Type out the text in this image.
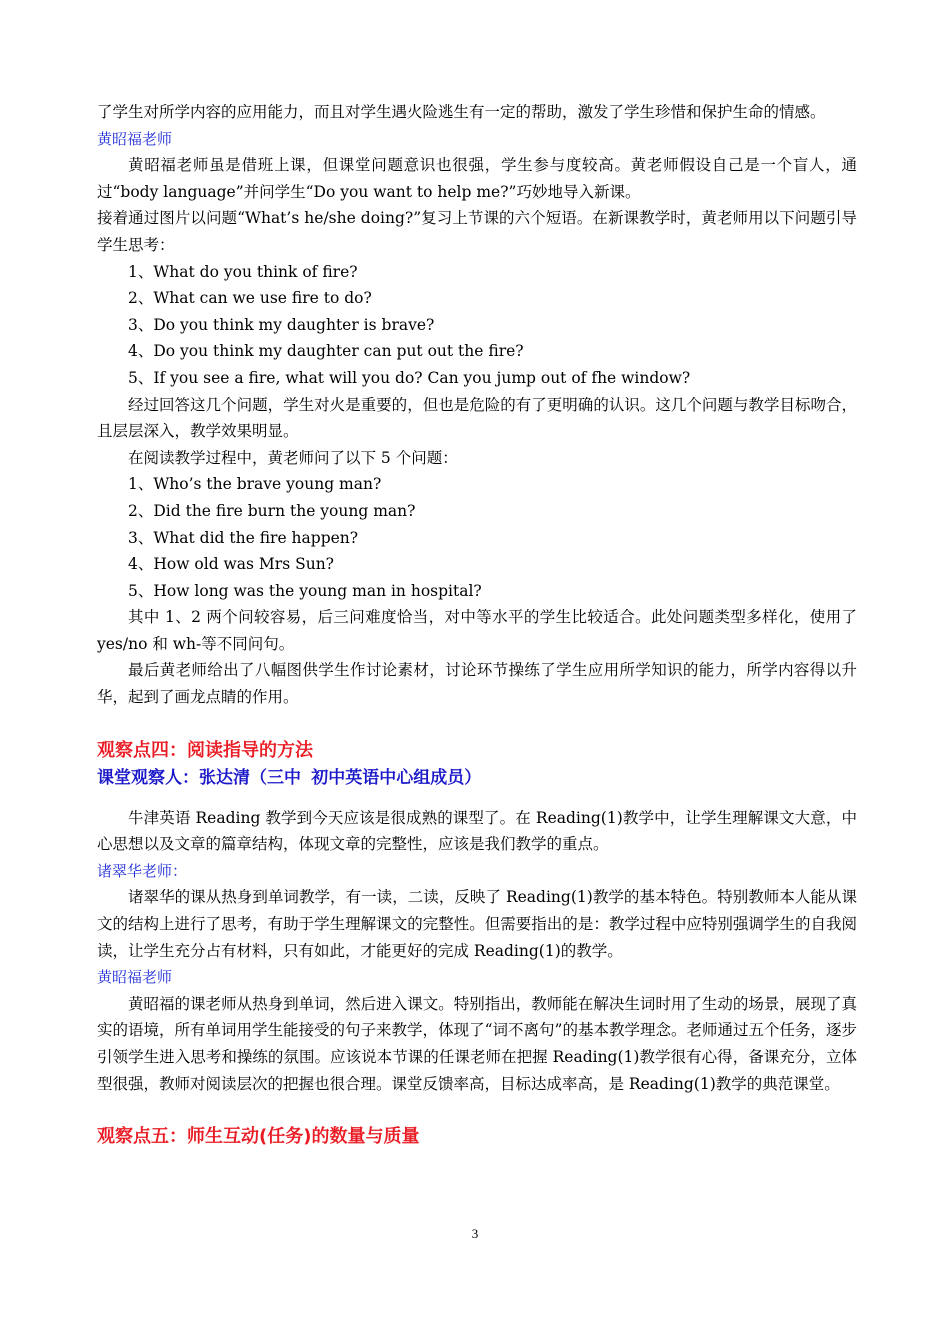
了学生对所学内容的应用能力，而且对学生遇火险逃生有一定的帮助，激发了学生珍惜和保护生命的情感。

黄昭福老师

黄昭福老师虽是借班上课，但课堂问题意识也很强，学生参与度较高。黄老师假设自己是一个盲人，通过“body language”并问学生“Do you want to help me?”巧妙地导入新课。

接着通过图片以问题“What’s he/she doing?”复习上节课的六个短语。在新课教学时，黄老师用以下问题引导学生思考：

1、What do you think of fire?

2、What can we use fire to do?

3、Do you think my daughter is brave?

4、Do you think my daughter can put out the fire?

5、If you see a fire, what will you do? Can you jump out of fhe window?

经过回答这几个问题，学生对火是重要的，但也是危险的有了更明确的认识。这几个问题与教学目标吻合，且层层深入，教学效果明显。

在阅读教学过程中，黄老师问了以下 5 个问题：

1、Who’s the brave young man?

2、Did the fire burn the young man?

3、What did the fire happen?

4、How old was Mrs Sun?

5、How long was the young man in hospital?

其中 1、2 两个问较容易，后三问难度恰当，对中等水平的学生比较适合。此处问题类型多样化，使用了 yes/no 和 wh-等不同问句。

最后黄老师给出了八幅图供学生作讨论素材，讨论环节操练了学生应用所学知识的能力，所学内容得以升华，起到了画龙点睛的作用。

观察点四：阅读指导的方法

课堂观察人：张达清（三中 初中英语中心组成员）

牛津英语 Reading 教学到今天应该是很成熟的课型了。在 Reading(1)教学中，让学生理解课文大意，中心思想以及文章的篇章结构，体现文章的完整性，应该是我们教学的重点。

诸翠华老师：

诸翠华的课从热身到单词教学，有一读，二读，反映了 Reading(1)教学的基本特色。特别教师本人能从课文的结构上进行了思考，有助于学生理解课文的完整性。但需要指出的是：教学过程中应特别强调学生的自我阅读，让学生充分占有材料，只有如此，才能更好的完成 Reading(1)的教学。

黄昭福老师

黄昭福的课老师从热身到单词，然后进入课文。特别指出，教师能在解决生词时用了生动的场景，展现了真实的语境，所有单词用学生能接受的句子来教学，体现了“词不离句”的基本教学理念。老师通过五个任务，逐步引领学生进入思考和操练的氛围。应该说本节课的任课老师在把握 Reading(1)教学很有心得，备课充分，立体型很强，教师对阅读层次的把握也很合理。课堂反馈率高，目标达成率高，是 Reading(1)教学的典范课堂。

观察点五：师生互动(任务)的数量与质量

3
